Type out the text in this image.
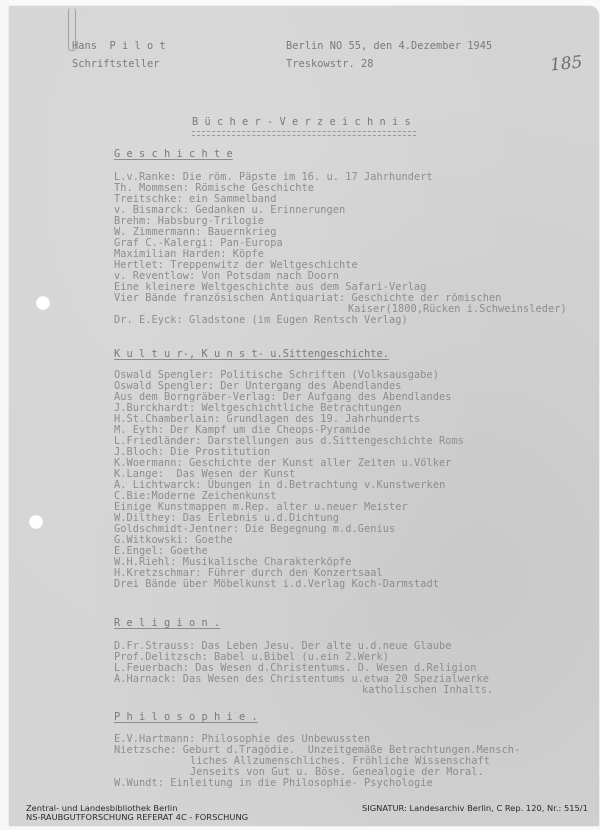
Hans  P i l o t
Schriftsteller
Berlin NO 55, den 4.Dezember 1945
Treskowstr. 28	185
B ü c h e r - V e r z e i c h n i s
G e s c h i c h t e
L.v.Ranke: Die röm. Päpste im 16. u. 17 Jahrhundert
Th. Mommsen: Römische Geschichte
Treitschke: ein Sammelband
v. Bismarck: Gedanken u. Erinnerungen
Brehm: Habsburg-Trilogie
W. Zimmermann: Bauernkrieg
Graf C.-Kalergi: Pan-Europa
Maximilian Harden: Köpfe
Hertlet: Treppenwitz der Weltgeschichte
v. Reventlow: Von Potsdam nach Doorn
Eine kleinere Weltgeschichte aus dem Safari-Verlag
Vier Bände französischen Antiquariat: Geschichte der römischen
Kaiser(1800,Rücken i.Schweinsleder)
Dr. E.Eyck: Gladstone (im Eugen Rentsch Verlag)
K u l t u r-, K u n s t- u.Sittengeschichte.
Oswald Spengler: Politische Schriften (Volksausgabe)
Oswald Spengler: Der Untergang des Abendlandes
Aus dem Borngräber-Verlag: Der Aufgang des Abendlandes
J.Burckhardt: Weltgeschichtliche Betrachtungen
H.St.Chamberlain: Grundlagen des 19. Jahrhunderts
M. Eyth: Der Kampf um die Cheops-Pyramide
L.Friedländer: Darstellungen aus d.Sittengeschichte Roms
J.Bloch: Die Prostitution
K.Woermann: Geschichte der Kunst aller Zeiten u.Völker
K.Lange:  Das Wesen der Kunst
A. Lichtwarck: Übungen in d.Betrachtung v.Kunstwerken
C.Bie:Moderne Zeichenkunst
Einige Kunstmappen m.Rep. alter u.neuer Meister
W.Dilthey: Das Erlebnis u.d.Dichtung
Goldschmidt-Jentner: Die Begegnung m.d.Genius
G.Witkowski: Goethe
E.Engel: Goethe
W.H.Riehl: Musikalische Charakterköpfe
H.Kretzschmar: Führer durch den Konzertsaal
Drei Bände über Möbelkunst i.d.Verlag Koch-Darmstadt
R e l i g i o n .
D.Fr.Strauss: Das Leben Jesu. Der alte u.d.neue Glaube
Prof.Delitzsch: Babel u.Bibel (u.ein 2.Werk)
L.Feuerbach: Das Wesen d.Christentums. D. Wesen d.Religion
A.Harnack: Das Wesen des Christentums u.etwa 20 Spezialwerke
katholischen Inhalts.
P h i l o s o p h i e .
E.V.Hartmann: Philosophie des Unbewussten
Nietzsche: Geburt d.Tragödie.  Unzeitgemäße Betrachtungen.Mensch-
liches Allzumenschliches. Fröhliche Wissenschaft
Jenseits von Gut u. Böse. Genealogie der Moral.
W.Wundt: Einleitung in die Philosophie- Psychologie
Zentral- und Landesbibliothek Berlin
NS-RAUBGUTFORSCHUNG REFERAT 4C - FORSCHUNG
SIGNATUR: Landesarchiv Berlin, C Rep. 120, Nr.: 515/1
